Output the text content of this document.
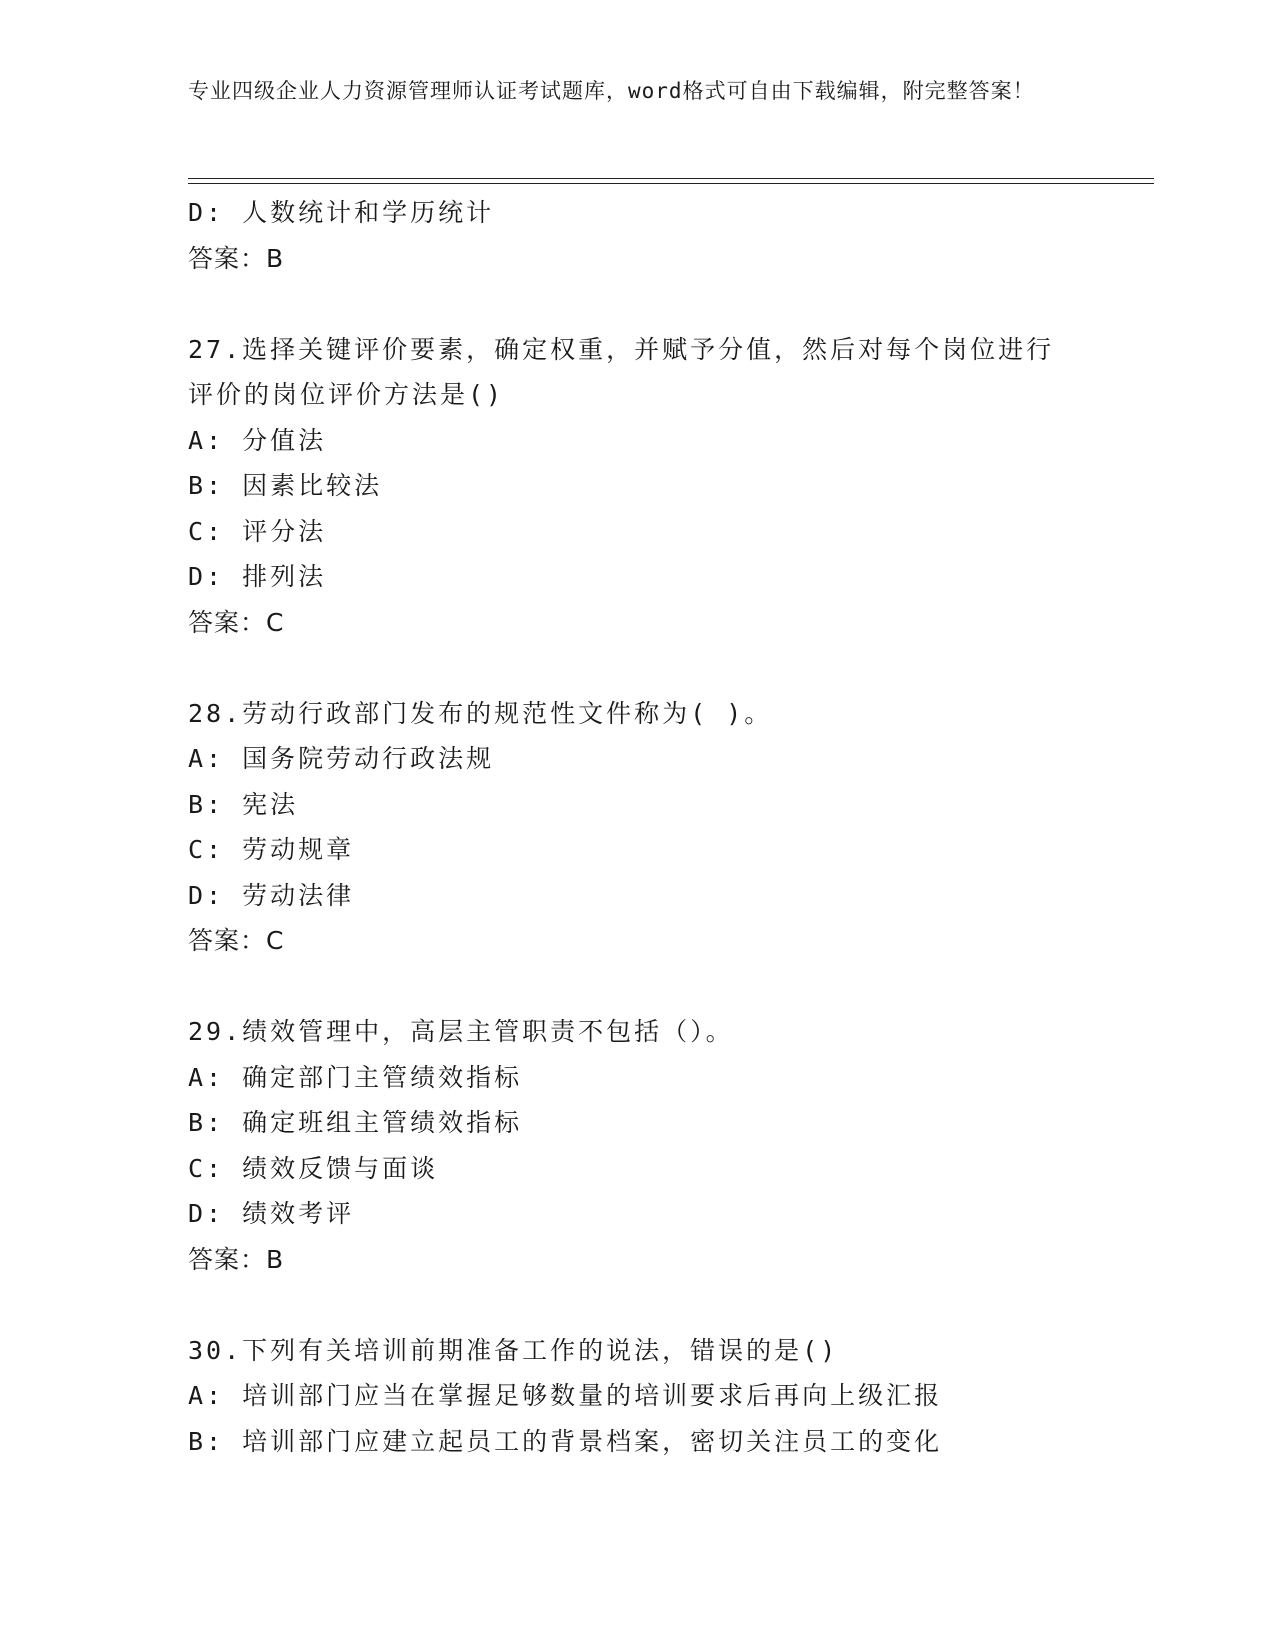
专业四级企业人力资源管理师认证考试题库，word格式可自由下载编辑，附完整答案！
D: 人数统计和学历统计
答案：B
27.选择关键评价要素，确定权重，并赋予分值，然后对每个岗位进行
评价的岗位评价方法是()
A: 分值法
B: 因素比较法
C: 评分法
D: 排列法
答案：C
28.劳动行政部门发布的规范性文件称为( )。
A: 国务院劳动行政法规
B: 宪法
C: 劳动规章
D: 劳动法律
答案：C
29.绩效管理中，高层主管职责不包括（）。
A: 确定部门主管绩效指标
B: 确定班组主管绩效指标
C: 绩效反馈与面谈
D: 绩效考评
答案：B
30.下列有关培训前期准备工作的说法，错误的是()
A: 培训部门应当在掌握足够数量的培训要求后再向上级汇报
B: 培训部门应建立起员工的背景档案，密切关注员工的变化
